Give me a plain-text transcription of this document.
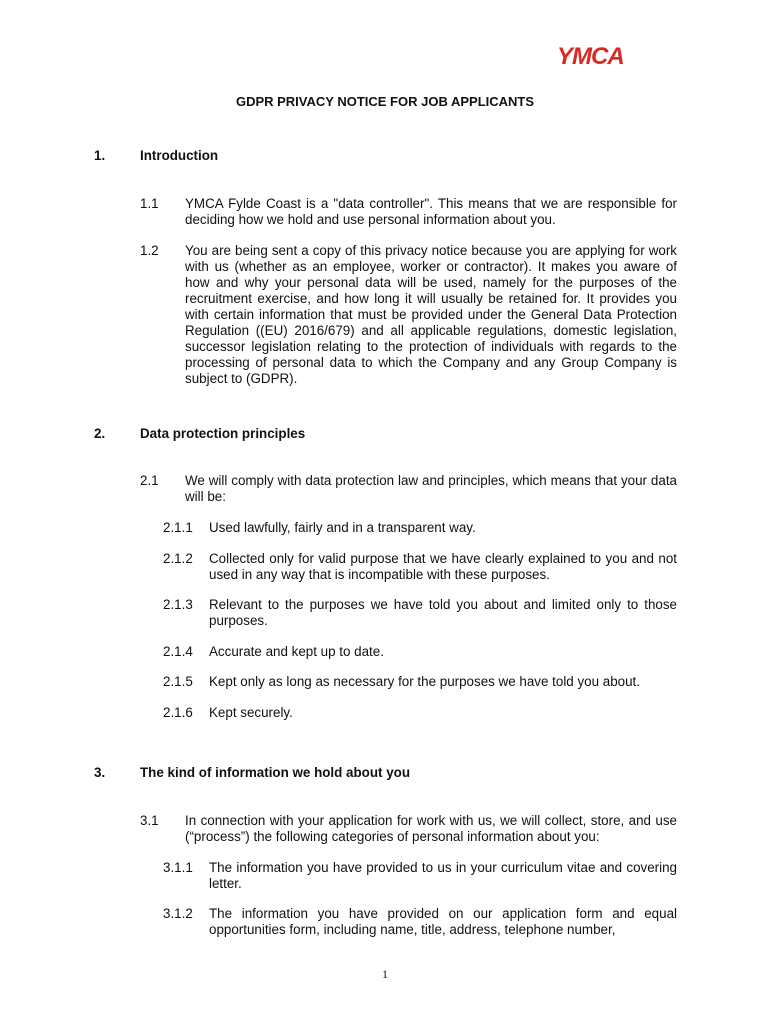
YMCA
GDPR PRIVACY NOTICE FOR JOB APPLICANTS
1.	Introduction
1.1 YMCA Fylde Coast is a "data controller". This means that we are responsible for deciding how we hold and use personal information about you.
1.2 You are being sent a copy of this privacy notice because you are applying for work with us (whether as an employee, worker or contractor). It makes you aware of how and why your personal data will be used, namely for the purposes of the recruitment exercise, and how long it will usually be retained for. It provides you with certain information that must be provided under the General Data Protection Regulation ((EU) 2016/679) and all applicable regulations, domestic legislation, successor legislation relating to the protection of individuals with regards to the processing of personal data to which the Company and any Group Company is subject to (GDPR).
2.	Data protection principles
2.1 We will comply with data protection law and principles, which means that your data will be:
2.1.1 Used lawfully, fairly and in a transparent way.
2.1.2 Collected only for valid purpose that we have clearly explained to you and not used in any way that is incompatible with these purposes.
2.1.3 Relevant to the purposes we have told you about and limited only to those purposes.
2.1.4 Accurate and kept up to date.
2.1.5 Kept only as long as necessary for the purposes we have told you about.
2.1.6 Kept securely.
3.	The kind of information we hold about you
3.1 In connection with your application for work with us, we will collect, store, and use (“process”) the following categories of personal information about you:
3.1.1 The information you have provided to us in your curriculum vitae and covering letter.
3.1.2 The information you have provided on our application form and equal opportunities form, including name, title, address, telephone number,
1
